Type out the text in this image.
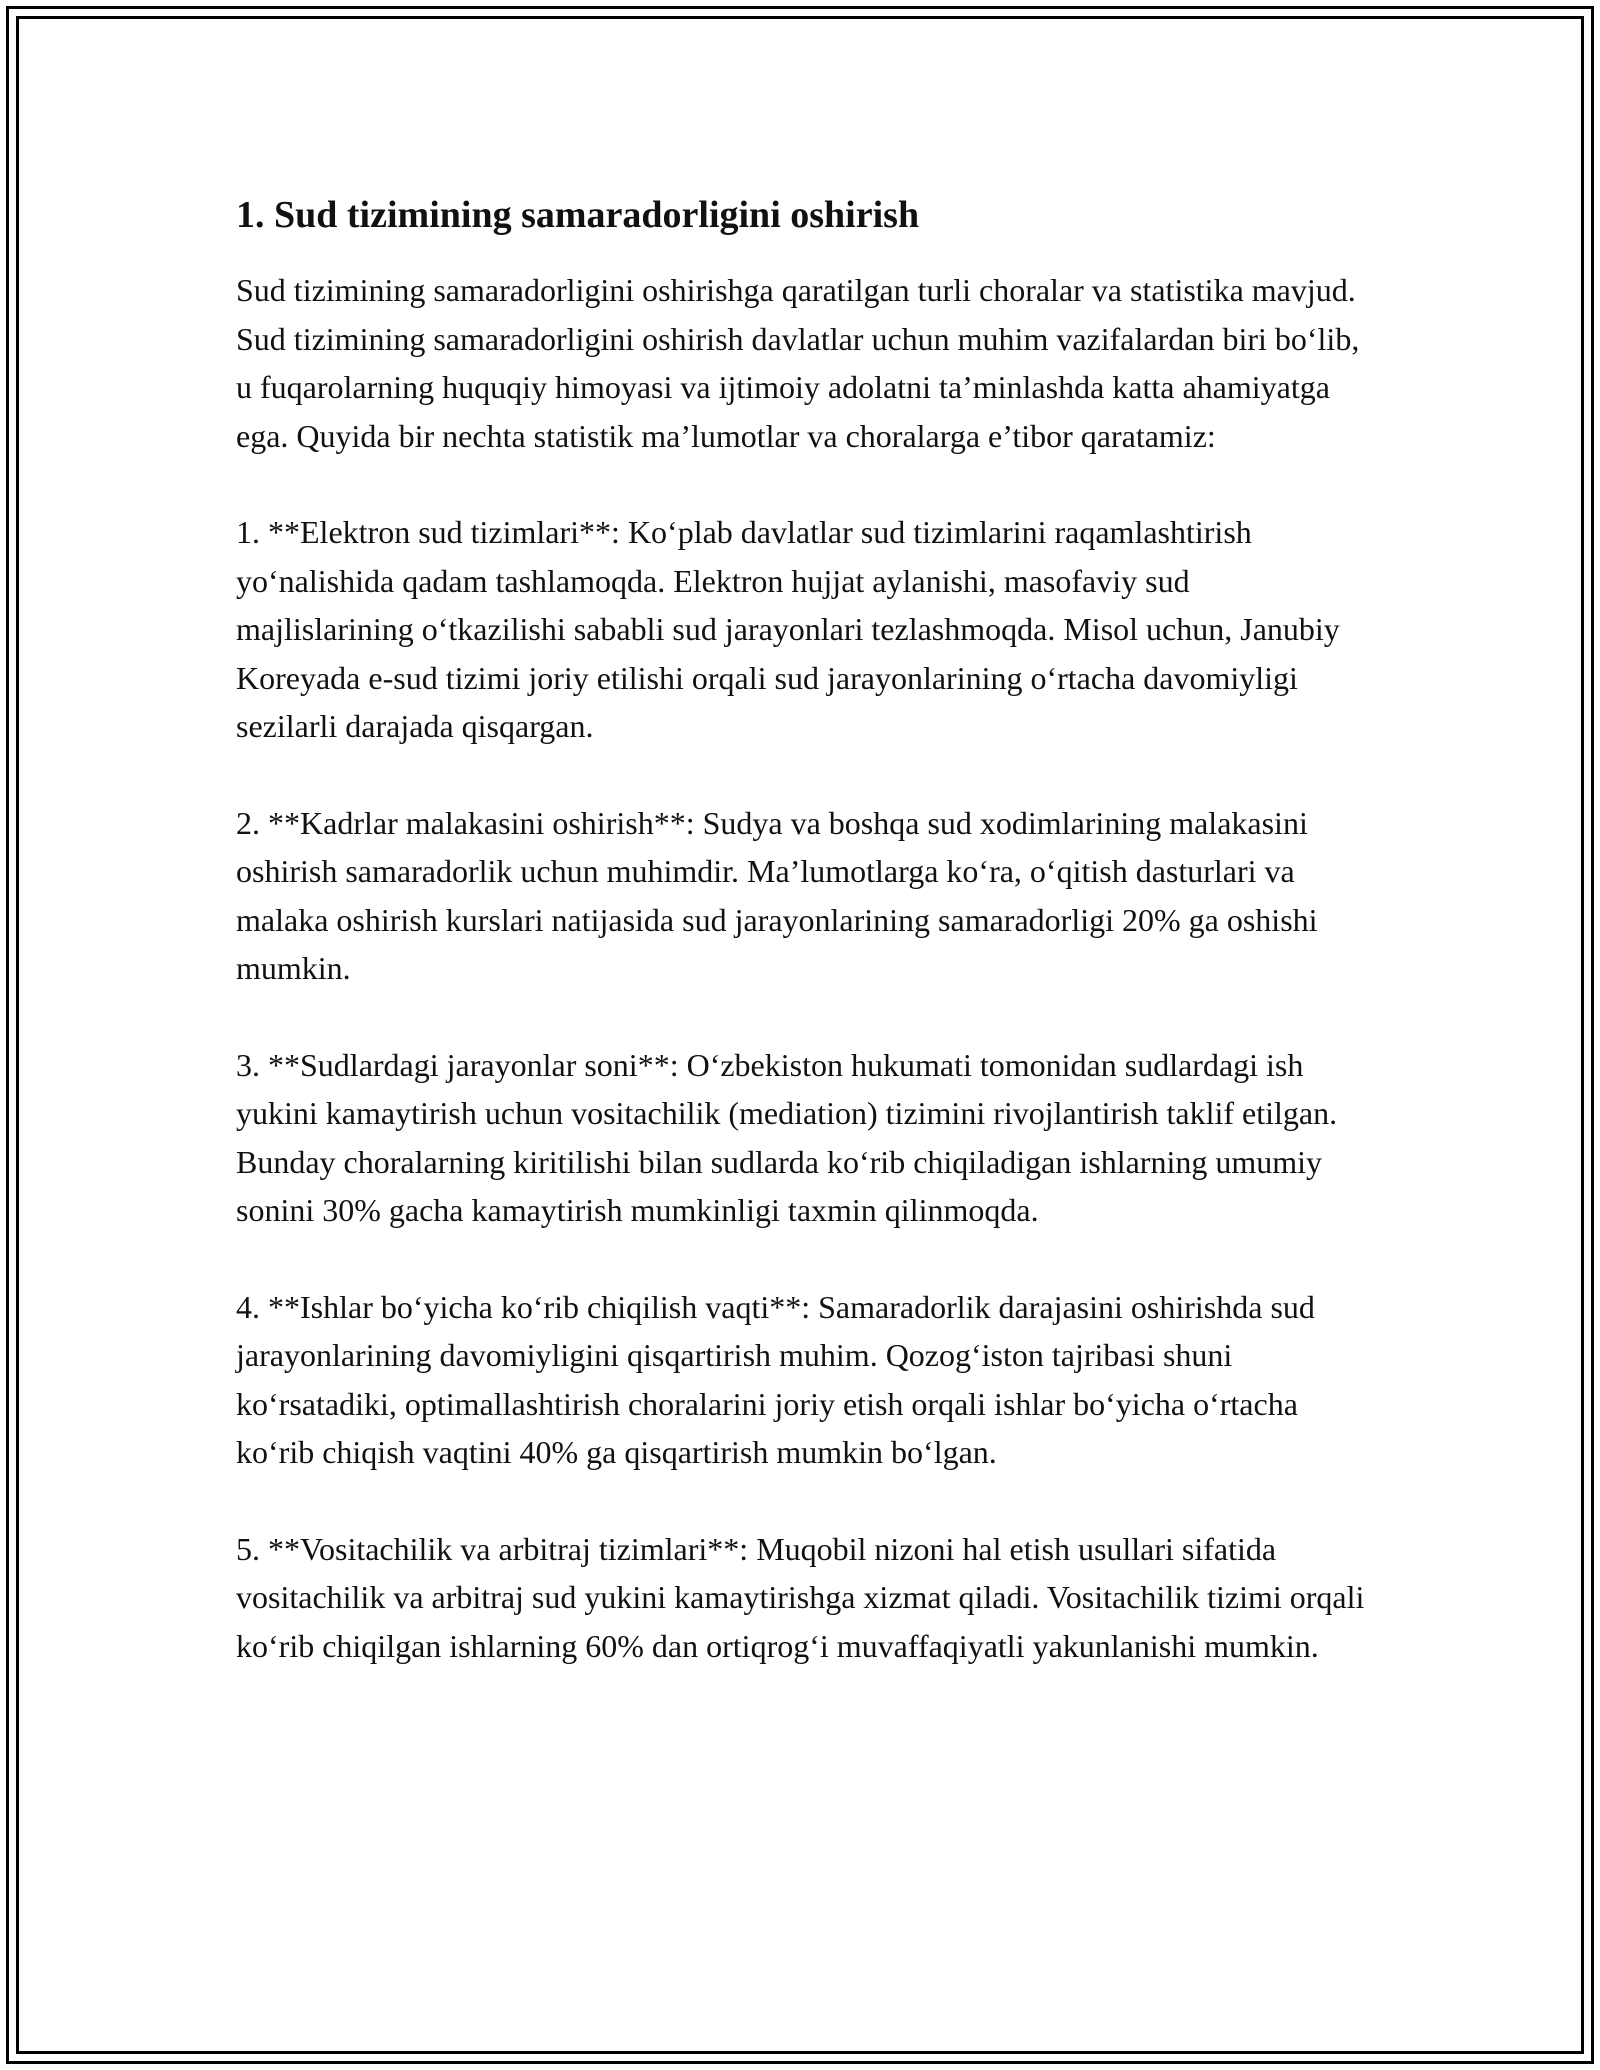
1. Sud tizimining samaradorligini oshirish

Sud tizimining samaradorligini oshirishga qaratilgan turli choralar va statistika mavjud. Sud tizimining samaradorligini oshirish davlatlar uchun muhim vazifalardan biri bo‘lib, u fuqarolarning huquqiy himoyasi va ijtimoiy adolatni ta’minlashda katta ahamiyatga ega. Quyida bir nechta statistik ma’lumotlar va choralarga e’tibor qaratamiz:

1. **Elektron sud tizimlari**: Ko‘plab davlatlar sud tizimlarini raqamlashtirish yo‘nalishida qadam tashlamoqda. Elektron hujjat aylanishi, masofaviy sud majlislarining o‘tkazilishi sababli sud jarayonlari tezlashmoqda. Misol uchun, Janubiy Koreyada e-sud tizimi joriy etilishi orqali sud jarayonlarining o‘rtacha davomiyligi sezilarli darajada qisqargan.

2. **Kadrlar malakasini oshirish**: Sudya va boshqa sud xodimlarining malakasini oshirish samaradorlik uchun muhimdir. Ma’lumotlarga ko‘ra, o‘qitish dasturlari va malaka oshirish kurslari natijasida sud jarayonlarining samaradorligi 20% ga oshishi mumkin.

3. **Sudlardagi jarayonlar soni**: O‘zbekiston hukumati tomonidan sudlardagi ish yukini kamaytirish uchun vositachilik (mediation) tizimini rivojlantirish taklif etilgan. Bunday choralarning kiritilishi bilan sudlarda ko‘rib chiqiladigan ishlarning umumiy sonini 30% gacha kamaytirish mumkinligi taxmin qilinmoqda.

4. **Ishlar bo‘yicha ko‘rib chiqilish vaqti**: Samaradorlik darajasini oshirishda sud jarayonlarining davomiyligini qisqartirish muhim. Qozog‘iston tajribasi shuni ko‘rsatadiki, optimallashtirish choralarini joriy etish orqali ishlar bo‘yicha o‘rtacha ko‘rib chiqish vaqtini 40% ga qisqartirish mumkin bo‘lgan.

5. **Vositachilik va arbitraj tizimlari**: Muqobil nizoni hal etish usullari sifatida vositachilik va arbitraj sud yukini kamaytirishga xizmat qiladi. Vositachilik tizimi orqali ko‘rib chiqilgan ishlarning 60% dan ortiqrog‘i muvaffaqiyatli yakunlanishi mumkin.
